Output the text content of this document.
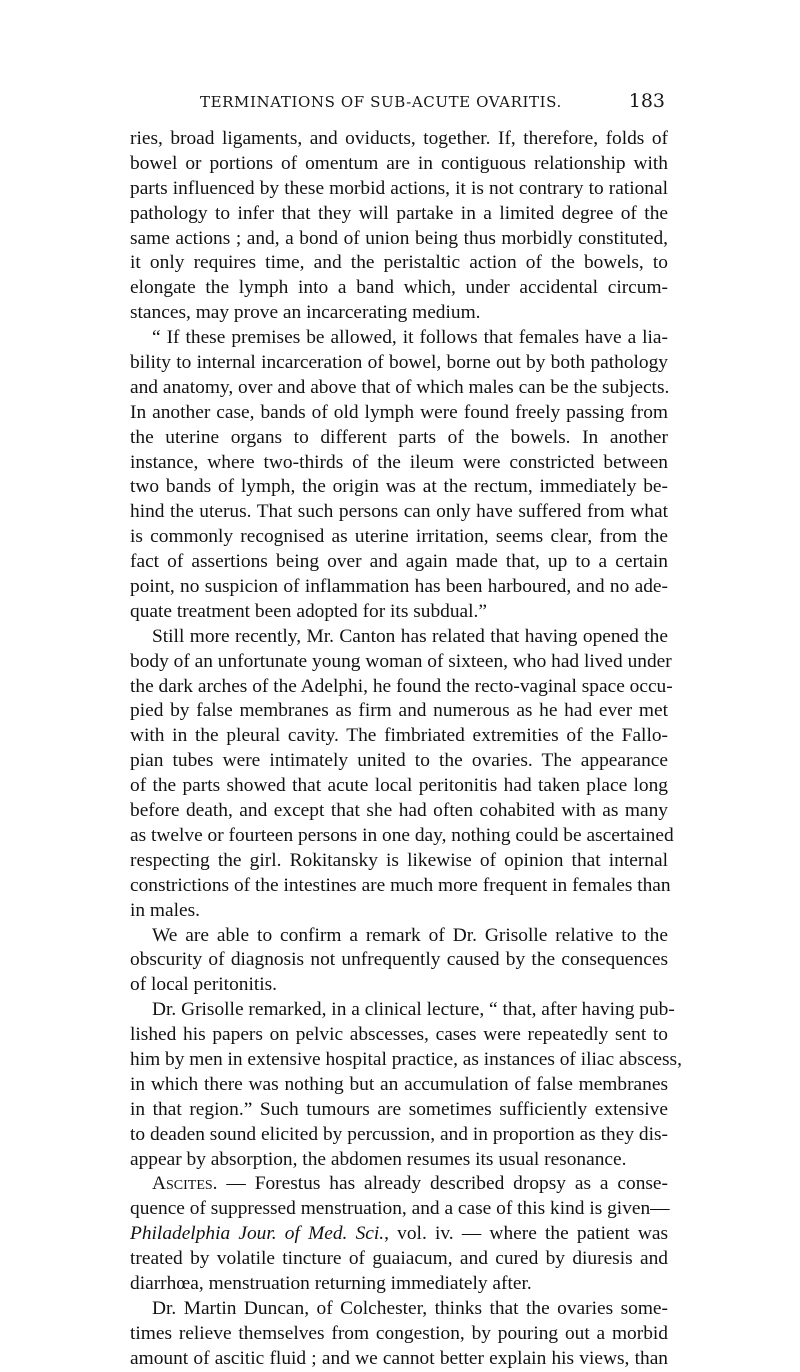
TERMINATIONS OF SUB-ACUTE OVARITIS.	183
ries, broad ligaments, and oviducts, together. If, therefore, folds of
bowel or portions of omentum are in contiguous relationship with
parts influenced by these morbid actions, it is not contrary to rational
pathology to infer that they will partake in a limited degree of the
same actions ; and, a bond of union being thus morbidly constituted,
it only requires time, and the peristaltic action of the bowels, to
elongate the lymph into a band which, under accidental circum-
stances, may prove an incarcerating medium.
“ If these premises be allowed, it follows that females have a lia-
bility to internal incarceration of bowel, borne out by both pathology
and anatomy, over and above that of which males can be the subjects.
In another case, bands of old lymph were found freely passing from
the uterine organs to different parts of the bowels. In another
instance, where two-thirds of the ileum were constricted between
two bands of lymph, the origin was at the rectum, immediately be-
hind the uterus. That such persons can only have suffered from what
is commonly recognised as uterine irritation, seems clear, from the
fact of assertions being over and again made that, up to a certain
point, no suspicion of inflammation has been harboured, and no ade-
quate treatment been adopted for its subdual.”
Still more recently, Mr. Canton has related that having opened the
body of an unfortunate young woman of sixteen, who had lived under
the dark arches of the Adelphi, he found the recto-vaginal space occu-
pied by false membranes as firm and numerous as he had ever met
with in the pleural cavity. The fimbriated extremities of the Fallo-
pian tubes were intimately united to the ovaries. The appearance
of the parts showed that acute local peritonitis had taken place long
before death, and except that she had often cohabited with as many
as twelve or fourteen persons in one day, nothing could be ascertained
respecting the girl. Rokitansky is likewise of opinion that internal
constrictions of the intestines are much more frequent in females than
in males.
We are able to confirm a remark of Dr. Grisolle relative to the
obscurity of diagnosis not unfrequently caused by the consequences
of local peritonitis.
Dr. Grisolle remarked, in a clinical lecture, “ that, after having pub-
lished his papers on pelvic abscesses, cases were repeatedly sent to
him by men in extensive hospital practice, as instances of iliac abscess,
in which there was nothing but an accumulation of false membranes
in that region.” Such tumours are sometimes sufficiently extensive
to deaden sound elicited by percussion, and in proportion as they dis-
appear by absorption, the abdomen resumes its usual resonance.
Ascites. — Forestus has already described dropsy as a conse-
quence of suppressed menstruation, and a case of this kind is given—
Philadelphia Jour. of Med. Sci., vol. iv. — where the patient was
treated by volatile tincture of guaiacum, and cured by diuresis and
diarrhœa, menstruation returning immediately after.
Dr. Martin Duncan, of Colchester, thinks that the ovaries some-
times relieve themselves from congestion, by pouring out a morbid
amount of ascitic fluid ; and we cannot better explain his views, than
